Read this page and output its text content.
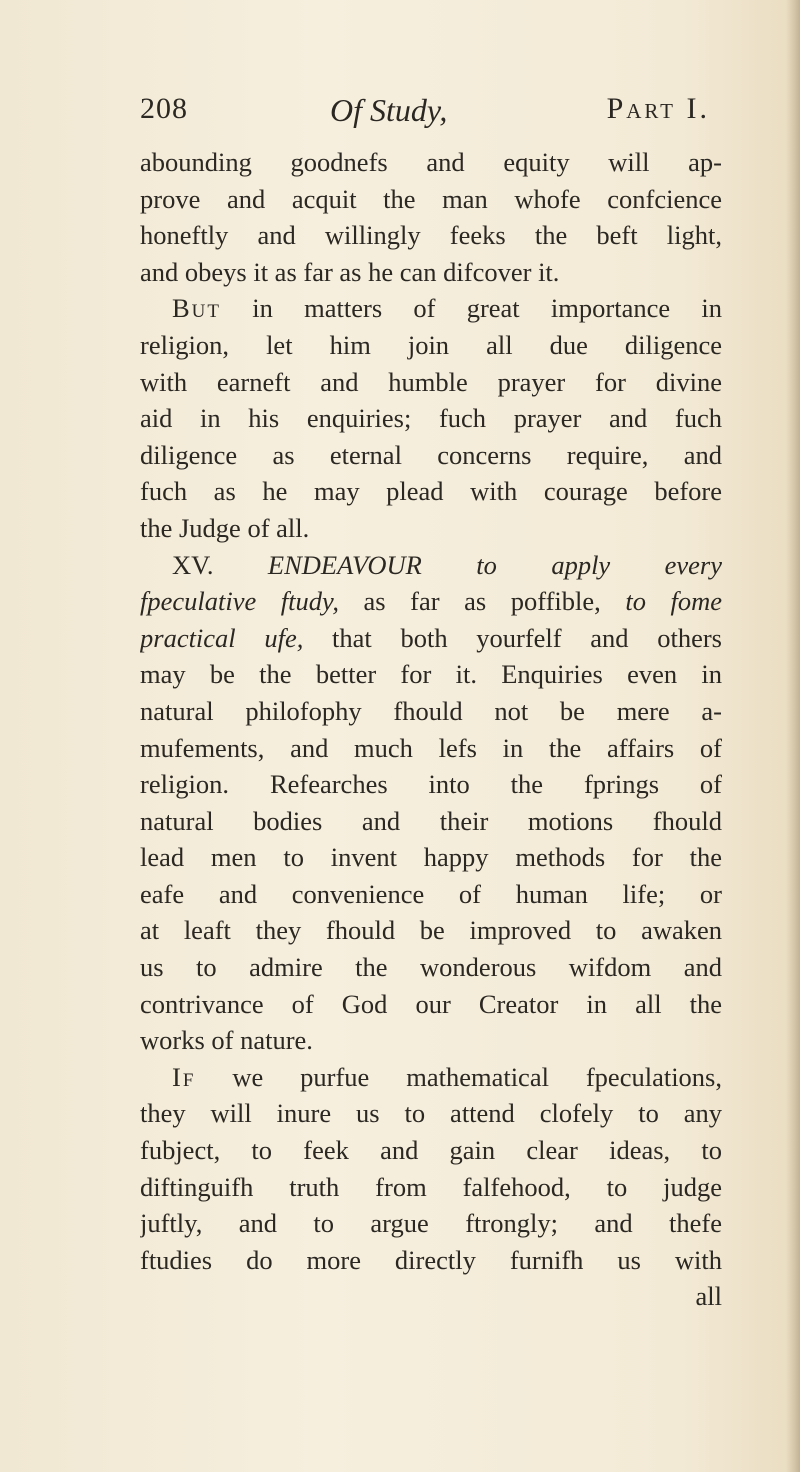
208	Of Study,	Part I.
abounding goodnefs and equity will ap-
prove and acquit the man whofe confcience
honeftly and willingly feeks the beft light,
and obeys it as far as he can difcover it.
But in matters of great importance in
religion, let him join all due diligence
with earneft and humble prayer for divine
aid in his enquiries; fuch prayer and fuch
diligence as eternal concerns require, and
fuch as he may plead with courage before
the Judge of all.
XV. ENDEAVOUR to apply every
fpeculative ftudy, as far as poffible, to fome
practical ufe, that both yourfelf and others
may be the better for it. Enquiries even in
natural philofophy fhould not be mere a-
mufements, and much lefs in the affairs of
religion. Refearches into the fprings of
natural bodies and their motions fhould
lead men to invent happy methods for the
eafe and convenience of human life; or
at leaft they fhould be improved to awaken
us to admire the wonderous wifdom and
contrivance of God our Creator in all the
works of nature.
If we purfue mathematical fpeculations,
they will inure us to attend clofely to any
fubject, to feek and gain clear ideas, to
diftinguifh truth from falfehood, to judge
juftly, and to argue ftrongly; and thefe
ftudies do more directly furnifh us with
all
